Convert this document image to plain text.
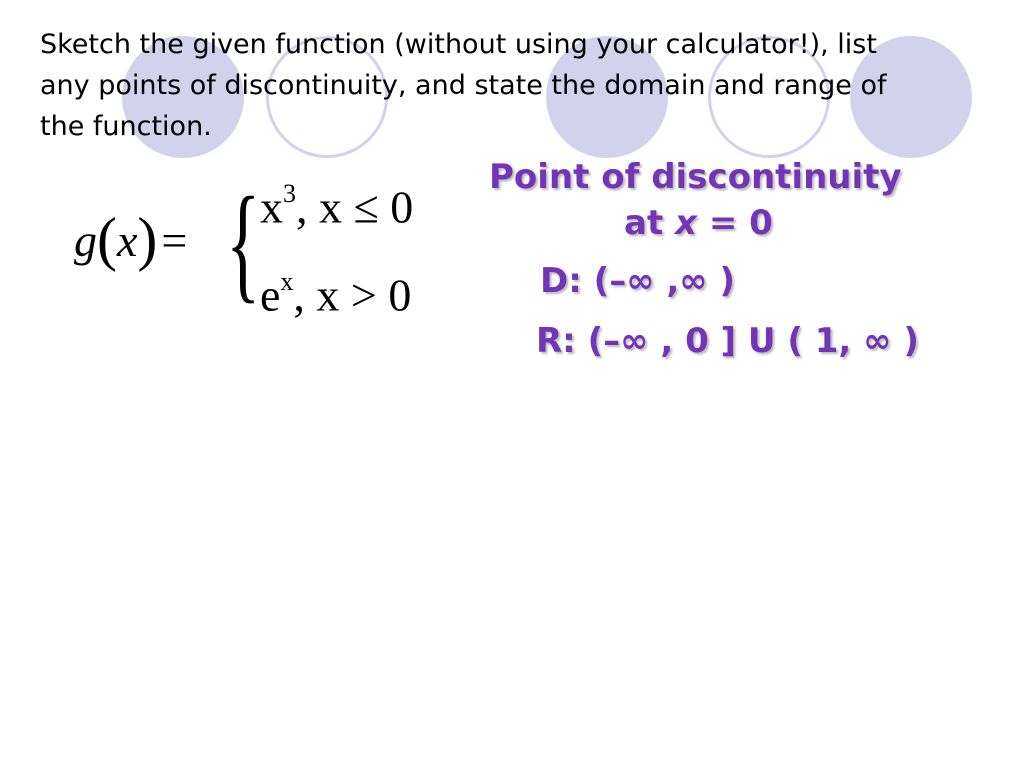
Sketch the given function (without using your calculator!), list
any points of discontinuity, and state the domain and range of
the function.

g(x)= { $x^3$, x ≤ 0
$e^x$, x > 0

Point of discontinuity

at x = 0

D: (–∞ ,∞ )

R: (–∞ , 0 ] U ( 1, ∞ )
